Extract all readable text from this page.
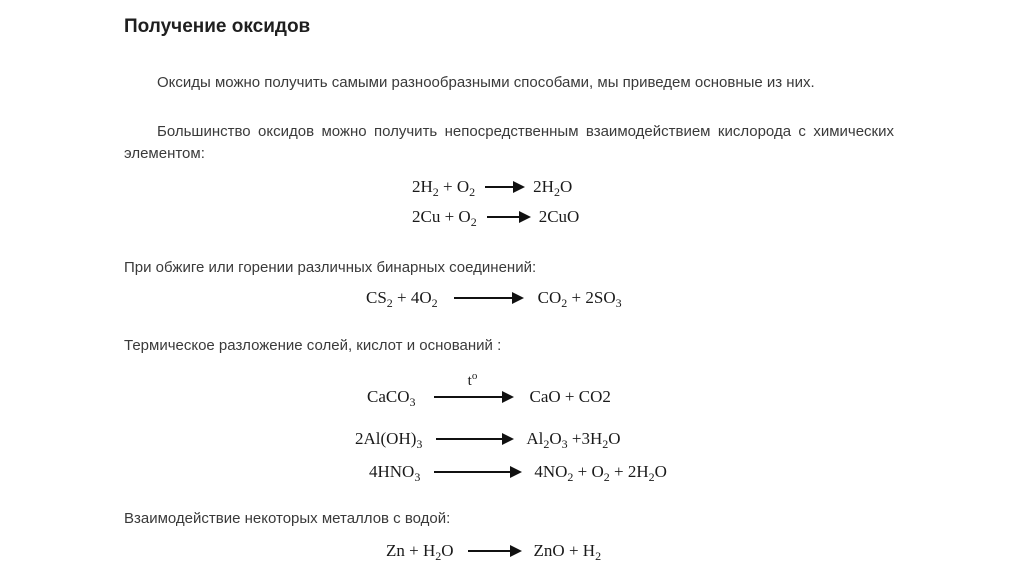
Получение оксидов
Оксиды можно получить самыми разнообразными способами, мы приведем основные из них.
Большинство оксидов можно получить непосредственным взаимодействием кислорода с химических элементом:
$2H_2 + O_2 \to 2H_2O$
$2Cu + O_2 \to 2CuO$
При обжиге или горении различных бинарных соединений:
$CS_2 + 4O_2 \to CO_2 + 2SO_3$
Термическое разложение солей, кислот и оснований :
CaCO$_3$
$t^o$
CaO + CO2
$2Al(OH)_3$	$Al_2O_3 +3H_2O$
$4HNO_3$	$4NO_2 + O_2 + 2H_2O$
Взаимодействие некоторых металлов с водой:
$Zn + H_2O$ → ZnO + $H_2$
